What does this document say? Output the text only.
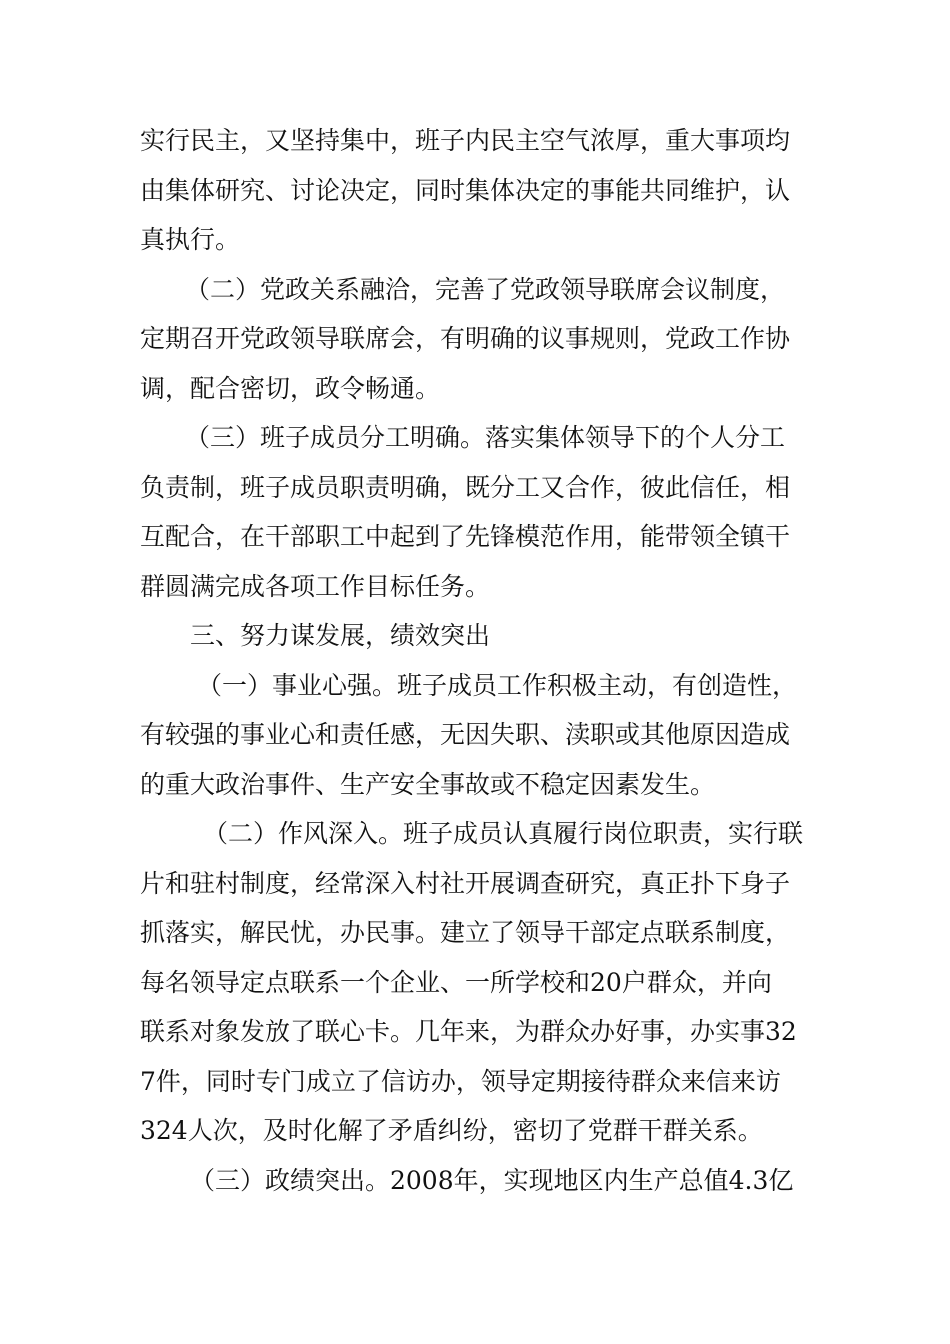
实行民主，又坚持集中，班子内民主空气浓厚，重大事项均
由集体研究、讨论决定，同时集体决定的事能共同维护，认
真执行。
（二）党政关系融洽，完善了党政领导联席会议制度，
定期召开党政领导联席会，有明确的议事规则，党政工作协
调，配合密切，政令畅通。
（三）班子成员分工明确。落实集体领导下的个人分工
负责制，班子成员职责明确，既分工又合作，彼此信任，相
互配合，在干部职工中起到了先锋模范作用，能带领全镇干
群圆满完成各项工作目标任务。
三、努力谋发展，绩效突出
（一）事业心强。班子成员工作积极主动，有创造性，
有较强的事业心和责任感，无因失职、渎职或其他原因造成
的重大政治事件、生产安全事故或不稳定因素发生。
（二）作风深入。班子成员认真履行岗位职责，实行联
片和驻村制度，经常深入村社开展调查研究，真正扑下身子
抓落实，解民忧，办民事。建立了领导干部定点联系制度，
每名领导定点联系一个企业、一所学校和20户群众，并向
联系对象发放了联心卡。几年来，为群众办好事，办实事32
7件，同时专门成立了信访办，领导定期接待群众来信来访
324人次，及时化解了矛盾纠纷，密切了党群干群关系。
（三）政绩突出。2008年，实现地区内生产总值4.3亿
